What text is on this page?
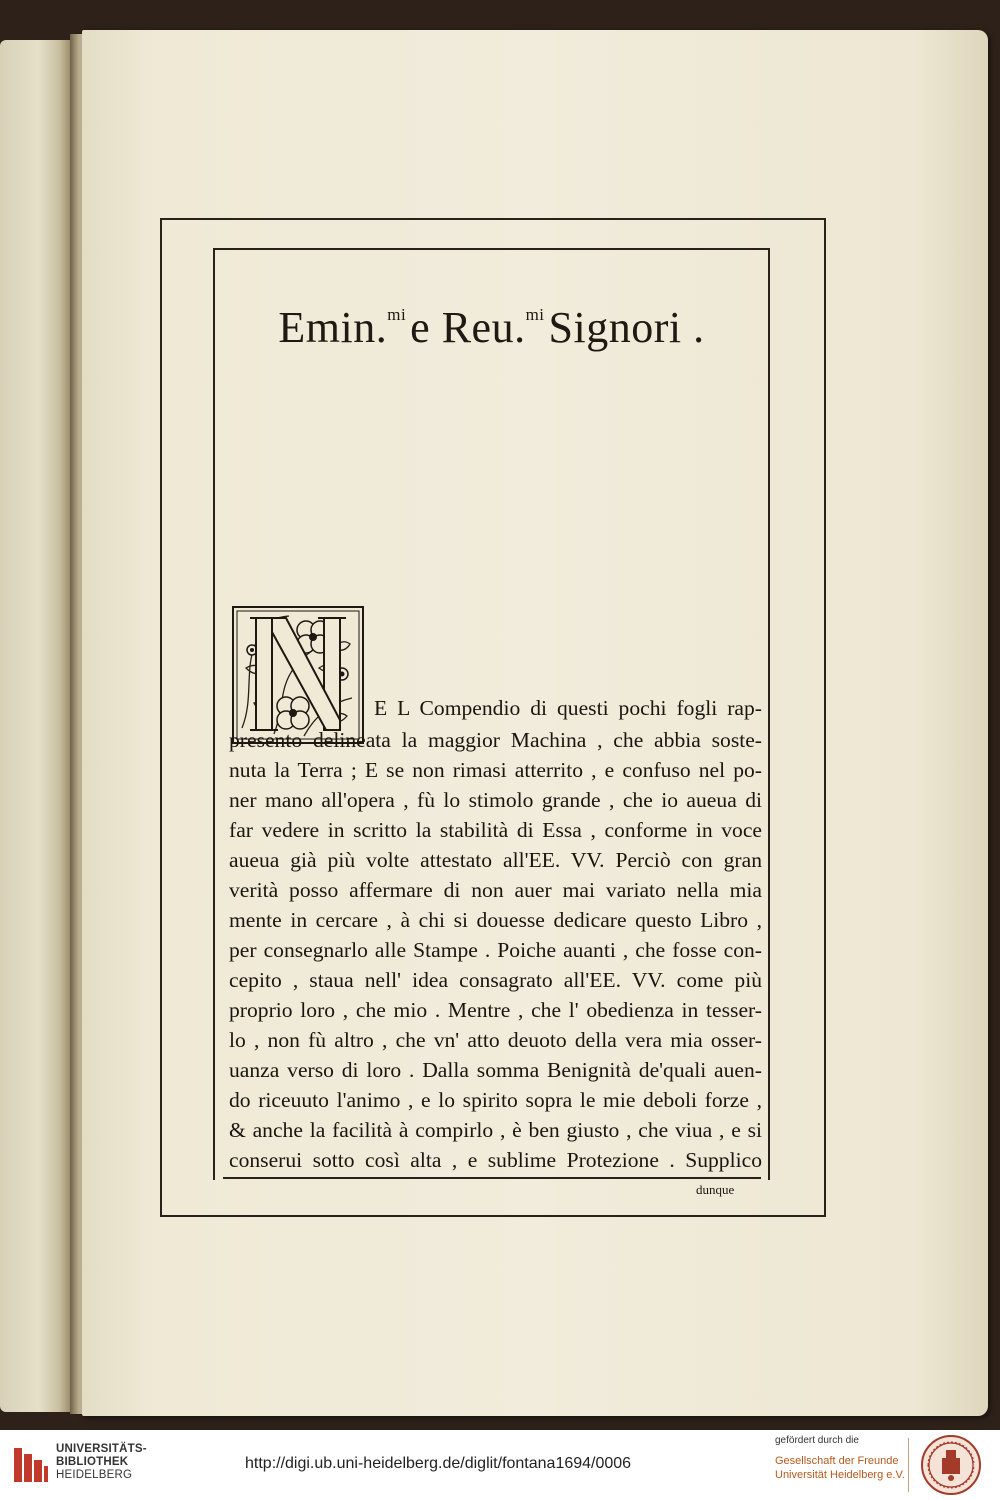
Emin.$^{mi}$e Reu.$^{mi}$Signori .
E L Compendio di questi pochi fogli rap-
presento delineata la maggior Machina , che abbia soste-
nuta la Terra ; E se non rimasi atterrito , e confuso nel po-
ner mano all'opera , fù lo stimolo grande , che io aueua di
far vedere in scritto la stabilità di Essa , conforme in voce
aueua già più volte attestato all'EE. VV. Perciò con gran
verità posso affermare di non auer mai variato nella mia
mente in cercare , à chi si douesse dedicare questo Libro ,
per consegnarlo alle Stampe . Poiche auanti , che fosse con-
cepito , staua nell' idea consagrato all'EE. VV. come più
proprio loro , che mio . Mentre , che l' obedienza in tesser-
lo , non fù altro , che vn' atto deuoto della vera mia osser-
uanza verso di loro . Dalla somma Benignità de'quali auen-
do riceuuto l'animo , e lo spirito sopra le mie deboli forze ,
& anche la facilità à compirlo , è ben giusto , che viua , e si
conserui sotto così alta , e sublime Protezione . Supplico
dunque
UNIVERSITÄTS-
BIBLIOTHEK
HEIDELBERG
http://digi.ub.uni-heidelberg.de/diglit/fontana1694/0006
gefördert durch die
Gesellschaft der Freunde
Universität Heidelberg e.V.
